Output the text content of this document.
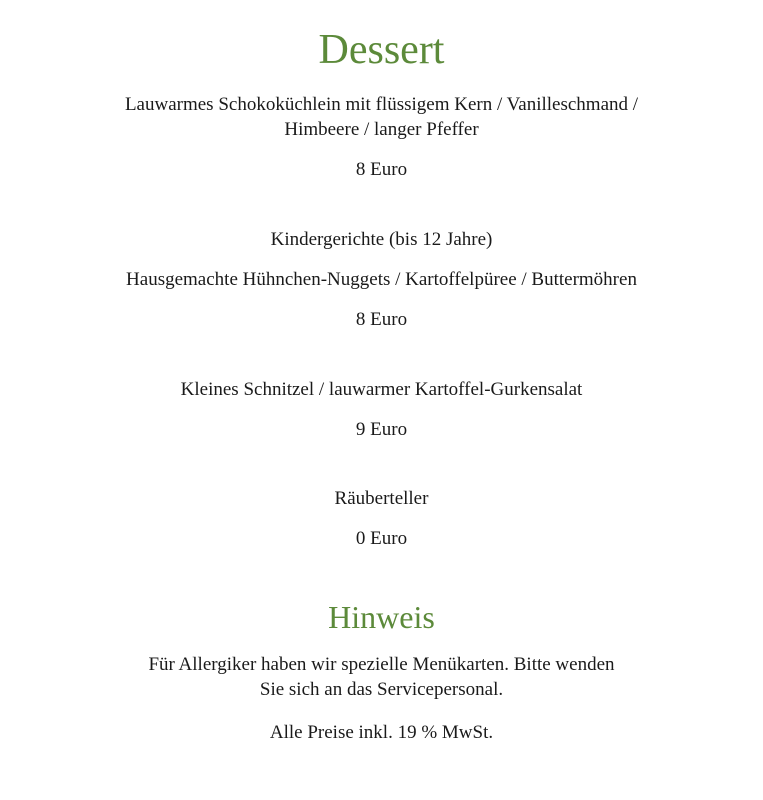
Dessert

Lauwarmes Schokoküchlein mit flüssigem Kern / Vanilleschmand /

Himbeere / langer Pfeffer

8 Euro

Kindergerichte (bis 12 Jahre)

Hausgemachte Hühnchen-Nuggets / Kartoffelpüree / Buttermöhren

8 Euro

Kleines Schnitzel / lauwarmer Kartoffel-Gurkensalat

9 Euro

Räuberteller

0 Euro

Hinweis

Für Allergiker haben wir spezielle Menükarten. Bitte wenden

Sie sich an das Servicepersonal.

Alle Preise inkl. 19 % MwSt.
